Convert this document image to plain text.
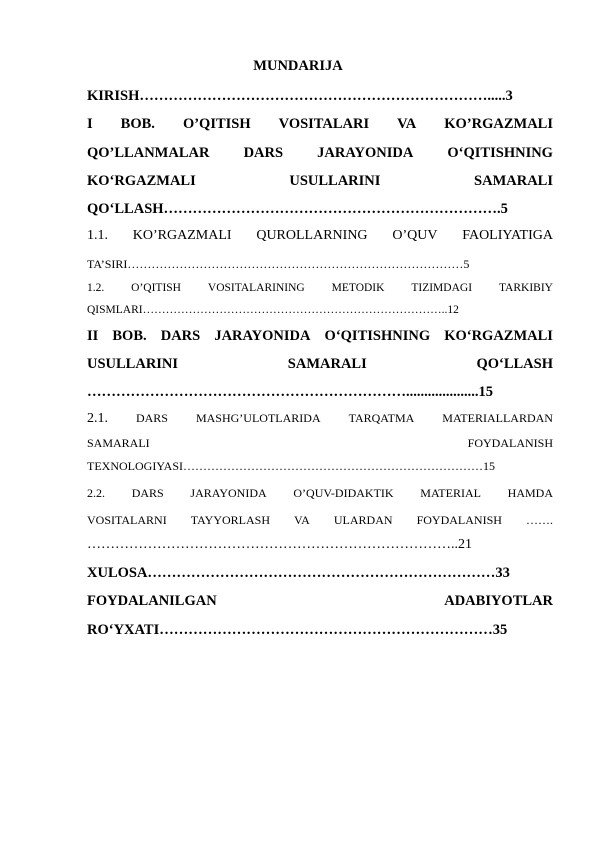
MUNDARIJA
KIRISH……………………………………………………………….....3
I BOB. O’QITISH VOSITALARI VA KO’RGAZMALI
QO’LLANMALAR DARS JARAYONIDA O‘QITISHNING
KO‘RGAZMALI	USULLARINI	SAMARALI
QO‘LLASH…………………………………………………………….5
1.1. KO’RGAZMALI QUROLLARNING O’QUV FAOLIYATIGA
TA’SIRI…………………………………………………………………………5
1.2. O’QITISH VOSITALARINING METODIK TIZIMDAGI TARKIBIY
QISMLARI……………………………………………………………………..12
II BOB. DARS JARAYONIDA O‘QITISHNING KO‘RGAZMALI
USULLARINI	SAMARALI	QO‘LLASH
…………………………………………………………....................15
2.1. DARS MASHG’ULOTLARIDA TARQATMA MATERIALLARDAN
SAMARALI	FOYDALANISH
TEXNOLOGIYASI…………………………………………………………………15
2.2. DARS JARAYONIDA O’QUV-DIDAKTIK MATERIAL HAMDA
VOSITALARNI TAYYORLASH VA ULARDAN FOYDALANISH …….
……………………………………………………………………..21
XULOSA………………………………………………………………33
FOYDALANILGAN	ADABIYOTLAR
RO‘YXATI……………………………………………………………35
